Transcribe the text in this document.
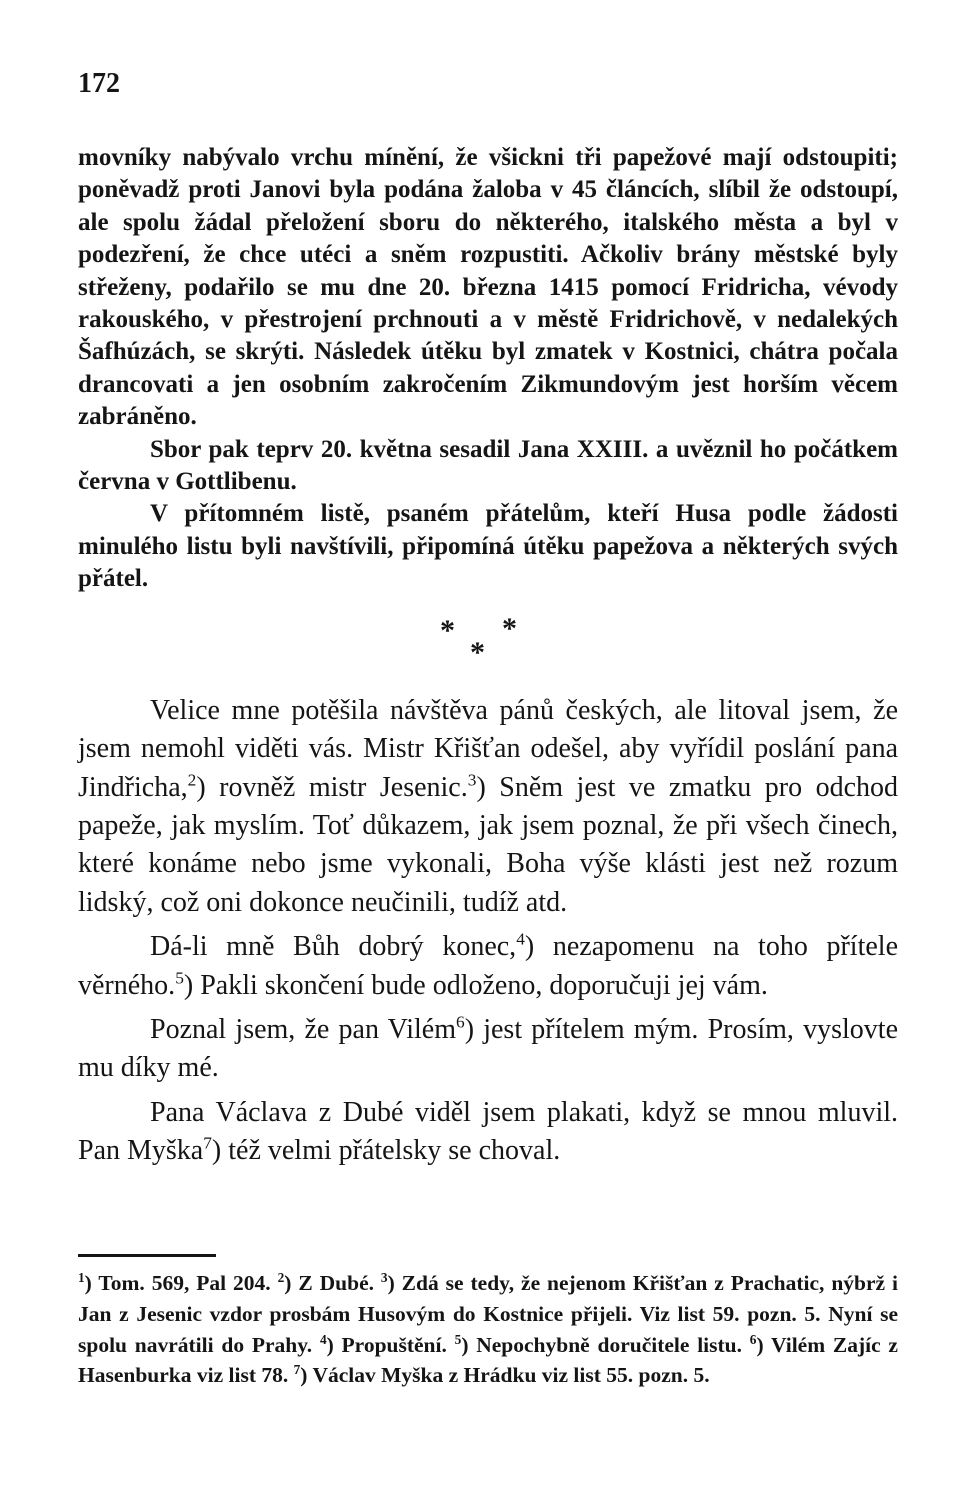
172

movníky nabývalo vrchu mínění, že všickni tři papežové mají odstoupiti; poněvadž proti Janovi byla podána žaloba v 45 článcích, slíbil že odstoupí, ale spolu žádal přeložení sboru do některého, italského města a byl v podezření, že chce utéci a sněm rozpustiti. Ačkoliv brány městské byly střeženy, podařilo se mu dne 20. března 1415 pomocí Fridricha, vévody rakouského, v přestrojení prchnouti a v městě Fridrichově, v nedalekých Šafhúzách, se skrýti. Následek útěku byl zmatek v Kostnici, chátra počala drancovati a jen osobním zakročením Zikmundovým jest horším věcem zabráněno.

Sbor pak teprv 20. května sesadil Jana XXIII. a uvěznil ho počátkem června v Gottlibenu.

V přítomném listě, psaném přátelům, kteří Husa podle žádosti minulého listu byli navštívili, připomíná útěku papežova a některých svých přátel.

*
*
*

Velice mne potěšila návštěva pánů českých, ale litoval jsem, že jsem nemohl viděti vás. Mistr Křišťan odešel, aby vyřídil poslání pana Jindřicha,$^2$) rovněž mistr Jesenic.$^3$) Sněm jest ve zmatku pro odchod papeže, jak myslím. Toť důkazem, jak jsem poznal, že při všech činech, které konáme nebo jsme vykonali, Boha výše klásti jest než rozum lidský, což oni dokonce neučinili, tudíž atd.

Dá-li mně Bůh dobrý konec,$^4$) nezapomenu na toho přítele věrného.$^5$) Pakli skončení bude odloženo, doporučuji jej vám.

Poznal jsem, že pan Vilém$^6$) jest přítelem mým. Prosím, vyslovte mu díky mé.

Pana Václava z Dubé viděl jsem plakati, když se mnou mluvil. Pan Myška$^7$) též velmi přátelsky se choval.

$^1$) Tom. 569, Pal 204. $^2$) Z Dubé. $^3$) Zdá se tedy, že nejenom Křišťan z Prachatic, nýbrž i Jan z Jesenic vzdor prosbám Husovým do Kostnice přijeli. Viz list 59. pozn. 5. Nyní se spolu navrátili do Prahy. $^4$) Propuštění. $^5$) Nepochybně doručitele listu. $^6$) Vilém Zajíc z Hasenburka viz list 78. $^7$) Václav Myška z Hrádku viz list 55. pozn. 5.
